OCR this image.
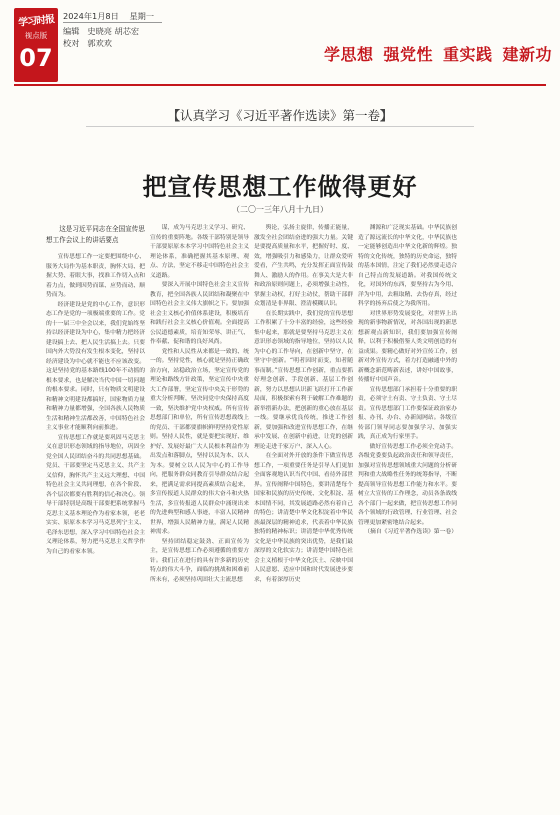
学习时报
视点版
07
2024年1月8日 星期一
编辑 史晓亮 胡芯宏
校对 郭欢欢
学思想 强党性 重实践 建新功
【认真学习《习近平著作选读》第一卷】
把宣传思想工作做得更好
（二〇一三年八月十九日）

这是习近平同志在全国宣传思想工作会议上的讲话要点

宣传思想工作一定要把围绕中心、服务大局作为基本职责，胸怀大局、把握大势、着眼大事，找准工作切入点和着力点，做到因势而谋、应势而动、顺势而为。

经济建设是党的中心工作，意识形态工作是党的一项极端重要的工作。党的十一届三中全会以来，我们党始终坚持以经济建设为中心，集中精力把经济建设搞上去、把人民生活搞上去。只要国内外大势没有发生根本变化，坚持以经济建设为中心就不能也不应该改变。这是坚持党的基本路线100年不动摇的根本要求，也是解决当代中国一切问题的根本要求。同时，只有物质文明建设和精神文明建设都搞好，国家物质力量和精神力量都增强，全国各族人民物质生活和精神生活都改善，中国特色社会主义事业才能顺利向前推进。

宣传思想工作就是要巩固马克思主义在意识形态领域的指导地位，巩固全党全国人民团结奋斗的共同思想基础。党员、干部要坚定马克思主义、共产主义信仰，胸怀共产主义远大理想、中国特色社会主义共同理想，在各个阶段、各个层次都要有胜利的信心和决心。领导干部特别是高级干部要把系统掌握马克思主义基本理论作为看家本领，老老实实、原原本本学习马克思列宁主义、毛泽东思想，深入学习中国特色社会主义理论体系，努力把马克思主义哲学作为自己的看家本领。

谋，成为马克思主义学习、研究、宣传的重要阵地。各级干部特别是领导干部要原原本本学习中国特色社会主义理论体系，准确把握其基本原理、观点、方法，坚定不移走中国特色社会主义道路。

要深入开展中国特色社会主义宣传教育，把全国各族人民团结和凝聚在中国特色社会主义伟大旗帜之下。要加强社会主义核心价值体系建设，积极培育和践行社会主义核心价值观。全面提高公民道德素质，培育知荣辱、讲正气、作奉献、促和谐的良好风尚。

党性和人民性从来都是一致的、统一的。坚持党性，核心就是坚持正确政治方向，站稳政治立场，坚定宣传党的理论和路线方针政策，坚定宣传中央重大工作部署，坚定宣传中央关于形势的重大分析判断，坚决同党中央保持高度一致，坚决维护党中央权威。所有宣传思想部门和单位，所有宣传思想战线上的党员、干部都要旗帜鲜明坚持党性原则。坚持人民性，就是要把实现好、维护好、发展好最广大人民根本利益作为出发点和落脚点，坚持以民为本、以人为本。要树立以人民为中心的工作导向，把服务群众同教育引导群众结合起来，把满足需求同提高素质结合起来，多宣传报道人民群众的伟大奋斗和火热生活，多宣传报道人民群众中涌现出来的先进典型和感人事迹，丰富人民精神世界，增强人民精神力量，满足人民精神需求。

坚持团结稳定鼓劲、正面宣传为主，是宣传思想工作必须遵循的重要方针。我们正在进行的具有许多新的历史特点的伟大斗争，面临的挑战和困难前所未有，必须坚持巩固壮大主流思想

舆论，弘扬主旋律，传播正能量，激发全社会团结奋进的强大力量。关键是要提高质量和水平，把握好时、度、效，增强吸引力和感染力，让群众爱听爱看，产生共鸣，充分发挥正面宣传鼓舞人、激励人的作用。在事关大是大非和政治原则问题上，必须增强主动性，掌握主动权，打好主动仗，帮助干部群众划清是非界限、澄清模糊认识。

在长期实践中，我们党的宣传思想工作积累了十分丰富的经验，这些经验集中起来，那就是要坚持马克思主义在意识形态领域的指导地位，坚持以人民为中心的工作导向，在创新中坚守，在坚守中创新。“明者因时而变，知者随事而制。”宣传思想工作创新，重点要抓好理念创新、手段创新、基层工作创新，努力以思想认识新飞跃打开工作新局面，积极探索有利于破解工作难题的新举措新办法，把创新的重心放在基层一线。要继承优良传统，推进工作创新，要加强和改进宣传思想工作，在继承中发展、在创新中前进，让党的创新理论走进千家万户、深入人心。

在全面对外开放的条件下做宣传思想工作，一项重要任务是引导人们更加全面客观地认识当代中国、看待外部世界。宣传阐释中国特色，要讲清楚每个国家和民族的历史传统、文化积淀、基本国情不同，其发展道路必然有着自己的特色；讲清楚中华文化积淀着中华民族最深层的精神追求，代表着中华民族独特的精神标识；讲清楚中华优秀传统文化是中华民族的突出优势，是我们最深厚的文化软实力；讲清楚中国特色社会主义植根于中华文化沃土、反映中国人民意愿、适应中国和时代发展进步要求，有着深厚历史

渊源和广泛现实基础。中华民族创造了源远流长的中华文化，中华民族也一定能够创造出中华文化新的辉煌。独特的文化传统，独特的历史命运，独特的基本国情，注定了我们必然要走适合自己特点的发展道路。对我国传统文化，对国外的东西，要坚持古为今用、洋为中用，去粗取精、去伪存真，经过科学的扬弃后使之为我所用。

对世界形势发展变化，对世界上出现的新事物新情况，对各国出现的新思想新观点新知识，我们要加强宣传阐释，以利于积极借鉴人类文明创造的有益成果。要精心做好对外宣传工作，创新对外宣传方式，着力打造融通中外的新概念新范畴新表述，讲好中国故事，传播好中国声音。

宣传思想部门承担着十分重要的职责，必须守土有责、守土负责、守土尽责。宣传思想部门工作要保证政治家办报、办刊、办台、办新闻网站。各级宣传部门领导同志要加强学习、加强实践，真正成为行家里手。

做好宣传思想工作必须全党动手。各级党委要负起政治责任和领导责任，加强对宣传思想领域重大问题的分析研判和重大战略性任务的统筹指导，不断提高领导宣传思想工作能力和水平。要树立大宣传的工作理念，动员各条战线各个部门一起来做，把宣传思想工作同各个领域的行政管理、行业管理、社会管理更加紧密地结合起来。

（摘自《习近平著作选读》第一卷）
